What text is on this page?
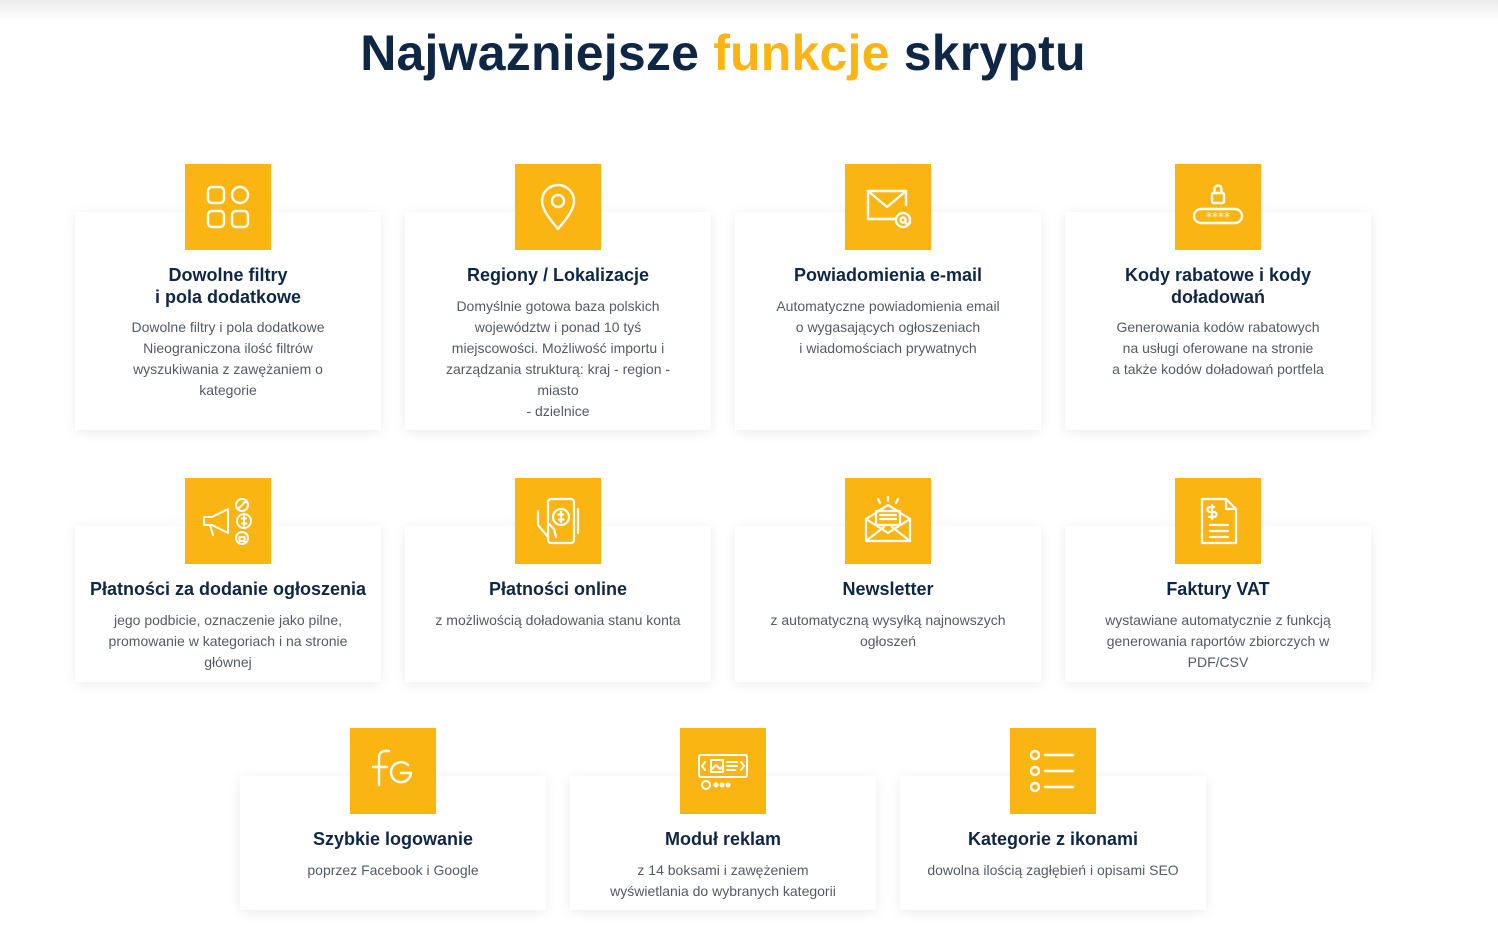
Najważniejsze funkcje skryptu
Dowolne filtry
i pola dodatkowe

Dowolne filtry i pola dodatkowe
Nieograniczona ilość filtrów
wyszukiwania z zawężaniem o
kategorie

Regiony / Lokalizacje

Domyślnie gotowa baza polskich
województw i ponad 10 tyś
miejscowości. Możliwość importu i
zarządzania strukturą: kraj - region -
miasto
- dzielnice

Powiadomienia e-mail

Automatyczne powiadomienia email
o wygasających ogłoszeniach
i wiadomościach prywatnych

Kody rabatowe i kody
doładowań

Generowania kodów rabatowych
na usługi oferowane na stronie
a także kodów doładowań portfela

Płatności za dodanie ogłoszenia

jego podbicie, oznaczenie jako pilne,
promowanie w kategoriach i na stronie
głównej

Płatności online

z możliwością doładowania stanu konta

Newsletter

z automatyczną wysyłką najnowszych
ogłoszeń

Faktury VAT

wystawiane automatycznie z funkcją
generowania raportów zbiorczych w
PDF/CSV

Szybkie logowanie

poprzez Facebook i Google

Moduł reklam

z 14 boksami i zawężeniem
wyświetlania do wybranych kategorii

Kategorie z ikonami

dowolna ilością zagłębień i opisami SEO

****
